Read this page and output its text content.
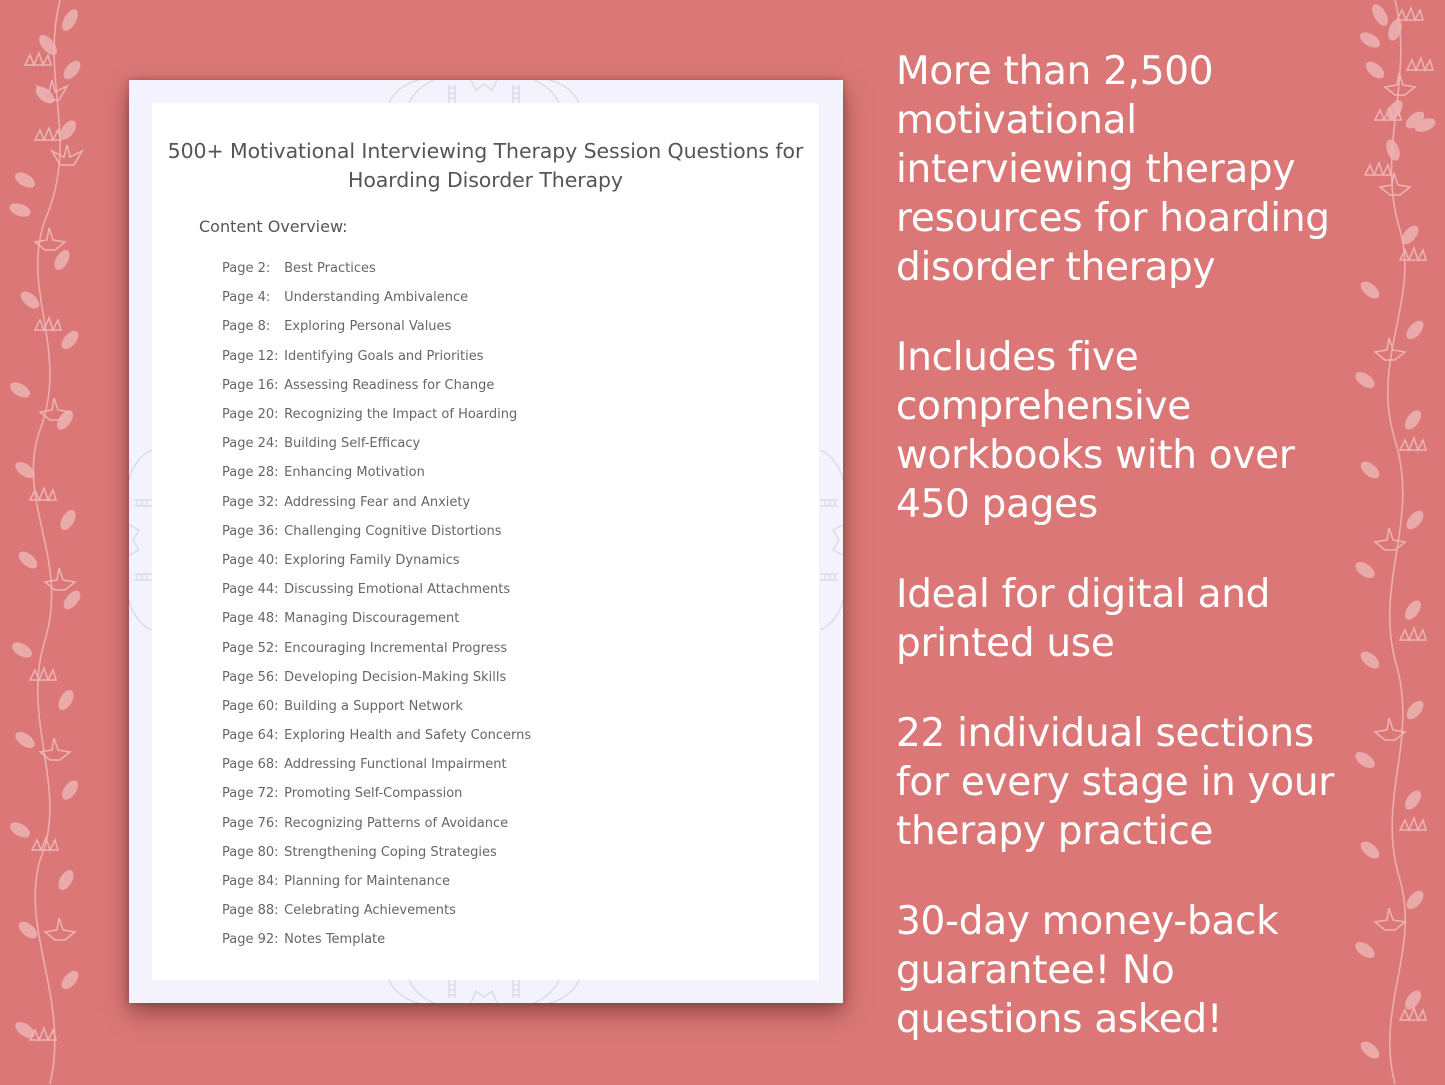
500+ Motivational Interviewing Therapy Session Questions for
Hoarding Disorder Therapy
Content Overview:
Page 2:
	Best Practices
Page 4:
	Understanding Ambivalence
Page 8:
	Exploring Personal Values
Page 12:
Identifying Goals and Priorities
Page 16:
Assessing Readiness for Change
Page 20:
Recognizing the Impact of Hoarding
Page 24:
Building Self-Efficacy
Page 28:
Enhancing Motivation
Page 32:
Addressing Fear and Anxiety
Page 36:
Challenging Cognitive Distortions
Page 40:
Exploring Family Dynamics
Page 44:
Discussing Emotional Attachments
Page 48:
Managing Discouragement
Page 52:
Encouraging Incremental Progress
Page 56:
Developing Decision-Making Skills
Page 60:
Building a Support Network
Page 64:
Exploring Health and Safety Concerns
Page 68:
Addressing Functional Impairment
Page 72:
Promoting Self-Compassion
Page 76:
Recognizing Patterns of Avoidance
Page 80:
Strengthening Coping Strategies
Page 84:
Planning for Maintenance
Page 88:
Celebrating Achievements
Page 92:
Notes Template

More than 2,500
motivational
interviewing therapy
resources for hoarding
disorder therapy

Includes five
comprehensive
workbooks with over
450 pages

Ideal for digital and
printed use

22 individual sections
for every stage in your
therapy practice

30-day money-back
guarantee! No
questions asked!
